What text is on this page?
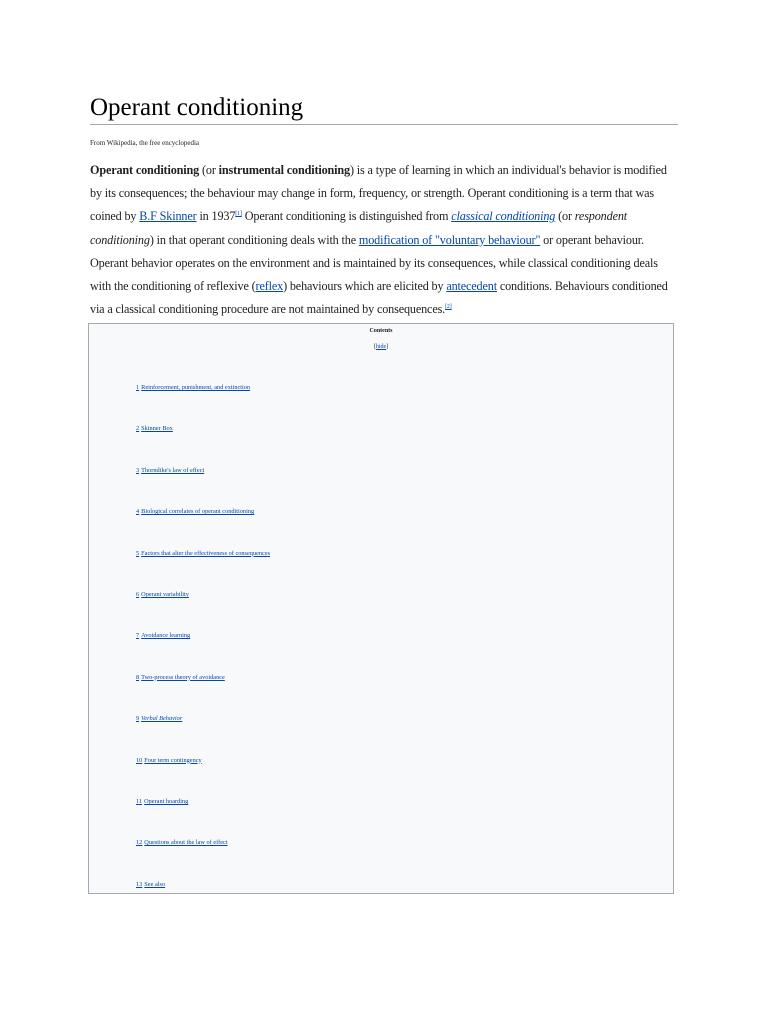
Operant conditioning
From Wikipedia, the free encyclopedia

Operant conditioning (or instrumental conditioning) is a type of learning in which an individual's behavior is modified by its consequences; the behaviour may change in form, frequency, or strength. Operant conditioning is a term that was coined by B.F Skinner in 1937[1] Operant conditioning is distinguished from classical conditioning (or respondent conditioning) in that operant conditioning deals with the modification of "voluntary behaviour" or operant behaviour. Operant behavior operates on the environment and is maintained by its consequences, while classical conditioning deals with the conditioning of reflexive (reflex) behaviours which are elicited by antecedent conditions. Behaviours conditioned via a classical conditioning procedure are not maintained by consequences.[2]

Contents
[hide]
1 Reinforcement, punishment, and extinction
2 Skinner Box
3 Thorndike's law of effect
4 Biological correlates of operant conditioning
5 Factors that alter the effectiveness of consequences
6 Operant variability
7 Avoidance learning
8 Two-process theory of avoidance
9 Verbal Behavior
10 Four term contingency
11 Operant hoarding
12 Questions about the law of effect
13 See also
